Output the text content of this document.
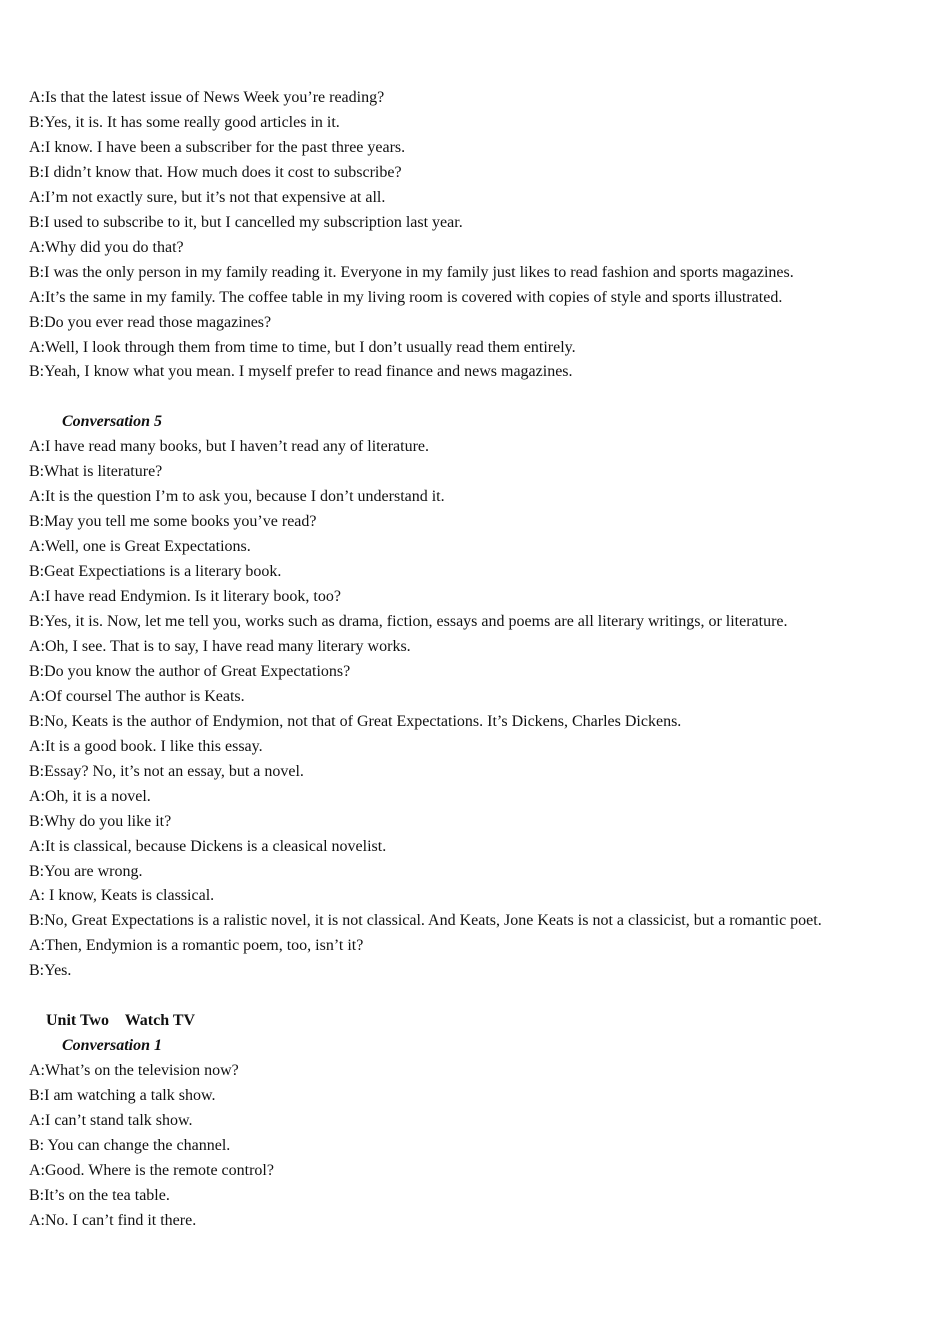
A:Is that the latest issue of News Week you’re reading?
B:Yes, it is. It has some really good articles in it.
A:I know. I have been a subscriber for the past three years.
B:I didn’t know that. How much does it cost to subscribe?
A:I’m not exactly sure, but it’s not that expensive at all.
B:I used to subscribe to it, but I cancelled my subscription last year.
A:Why did you do that?
B:I was the only person in my family reading it. Everyone in my family just likes to read fashion and sports magazines.
A:It’s the same in my family. The coffee table in my living room is covered with copies of style and sports illustrated.
B:Do you ever read those magazines?
A:Well, I look through them from time to time, but I don’t usually read them entirely.
B:Yeah, I know what you mean. I myself prefer to read finance and news magazines.
Conversation 5
A:I have read many books, but I haven’t read any of literature.
B:What is literature?
A:It is the question I’m to ask you, because I don’t understand it.
B:May you tell me some books you’ve read?
A:Well, one is Great Expectations.
B:Geat Expectiations is a literary book.
A:I have read Endymion. Is it literary book, too?
B:Yes, it is. Now, let me tell you, works such as drama, fiction, essays and poems are all literary writings, or literature.
A:Oh, I see. That is to say, I have read many literary works.
B:Do you know the author of Great Expectations?
A:Of coursel The author is Keats.
B:No, Keats is the author of Endymion, not that of Great Expectations. It’s Dickens, Charles Dickens.
A:It is a good book. I like this essay.
B:Essay? No, it’s not an essay, but a novel.
A:Oh, it is a novel.
B:Why do you like it?
A:It is classical, because Dickens is a cleasical novelist.
B:You are wrong.
A: I know, Keats is classical.
B:No, Great Expectations is a ralistic novel, it is not classical. And Keats, Jone Keats is not a classicist, but a romantic poet.
A:Then, Endymion is a romantic poem, too, isn’t it?
B:Yes.
Unit Two    Watch TV
Conversation 1
A:What’s on the television now?
B:I am watching a talk show.
A:I can’t stand talk show.
B: You can change the channel.
A:Good. Where is the remote control?
B:It’s on the tea table.
A:No. I can’t find it there.
